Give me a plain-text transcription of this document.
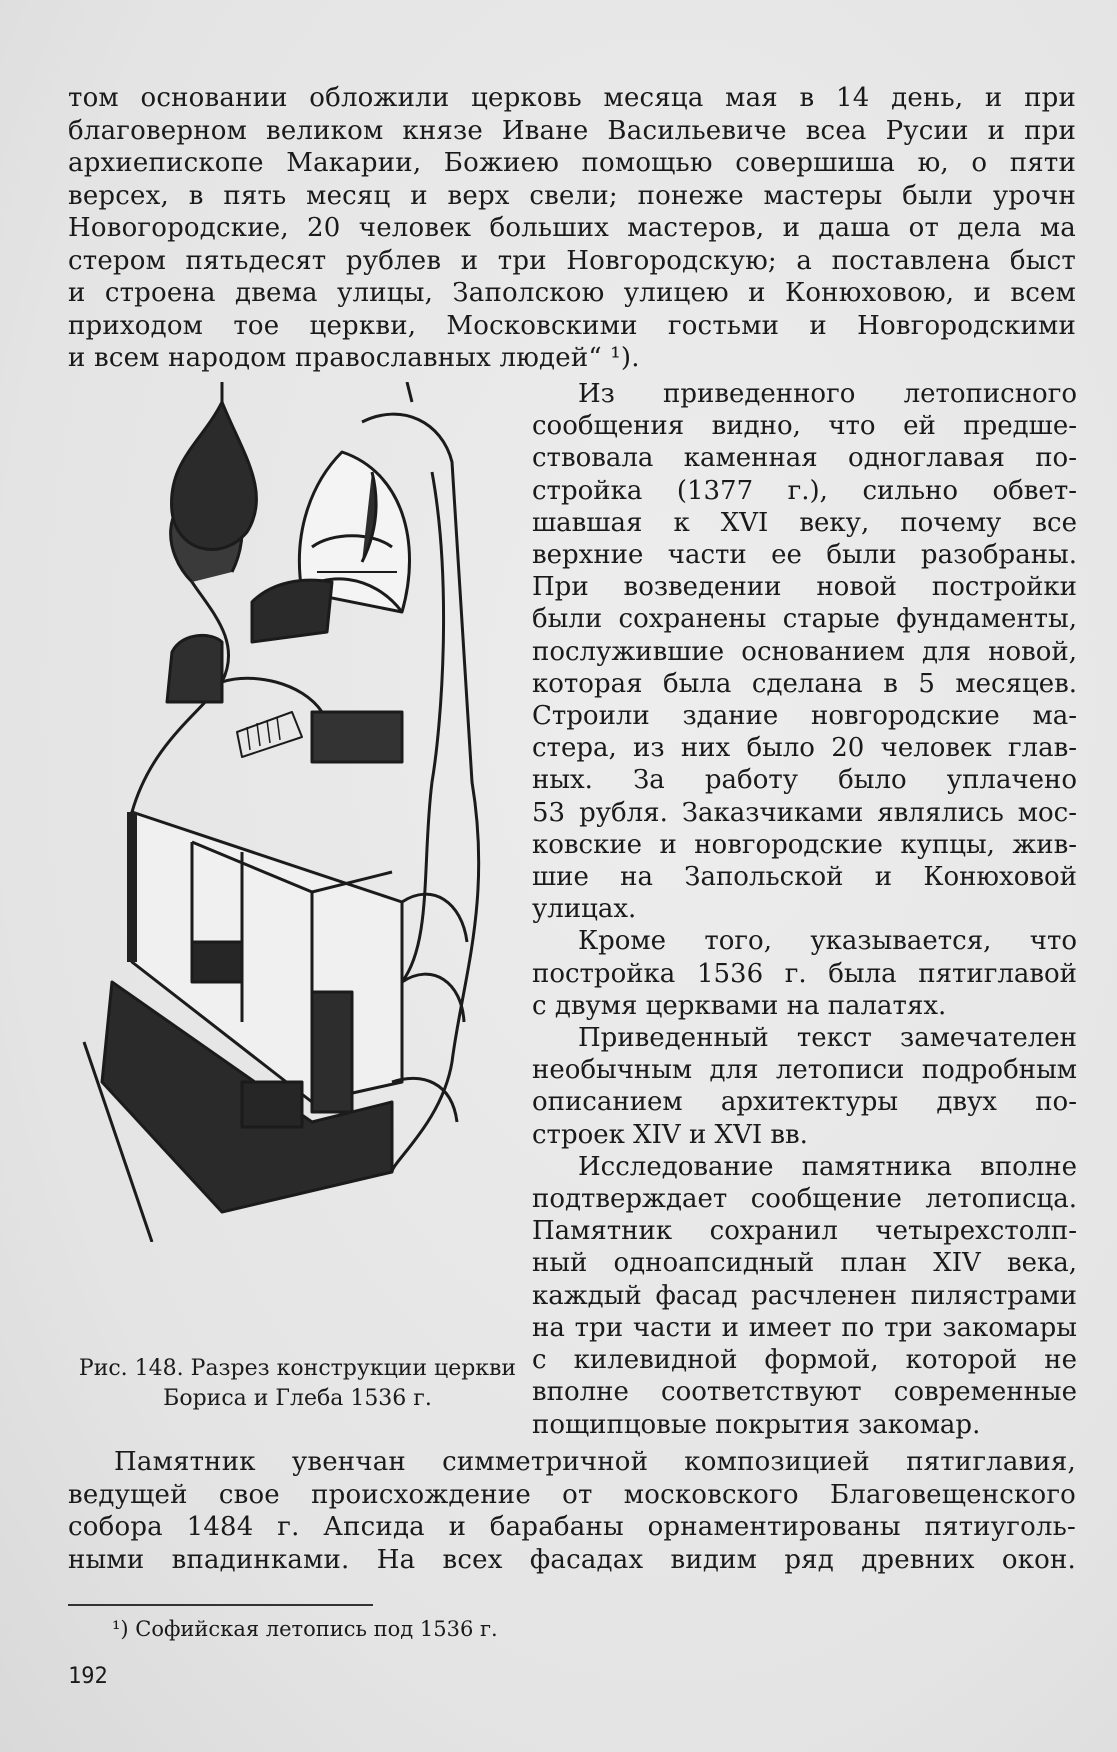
том основании обложили церковь месяца мая в 14 день, и при
благоверном великом князе Иване Васильевиче всеа Русии и при
архиепископе Макарии, Божиею помощью совершиша ю, о пяти
версех, в пять месяц и верх свели; понеже мастеры были урочн
Новогородские, 20 человек больших мастеров, и даша от дела ма
стером пятьдесят рублев и три Новгородскую; а поставлена быст
и строена двема улицы, Заполскою улицею и Конюховою, и всем
приходом тое церкви, Московскими гостьми и Новгородскими
и всем народом православных людей“ ¹).
Из приведенного летописного
сообщения видно, что ей предше-
ствовала каменная одноглавая по-
стройка (1377 г.), сильно обвет-
шавшая к XVI веку, почему все
верхние части ее были разобраны.
При возведении новой постройки
были сохранены старые фундаменты,
послужившие основанием для новой,
которая была сделана в 5 месяцев.
Строили здание новгородские ма-
стера, из них было 20 человек глав-
ных. За работу было уплачено
53 рубля. Заказчиками являлись мос-
ковские и новгородские купцы, жив-
шие на Запольской и Конюховой
улицах.
Кроме того, указывается, что
постройка 1536 г. была пятиглавой
с двумя церквами на палатях.
Приведенный текст замечателен
необычным для летописи подробным
описанием архитектуры двух по-
строек XIV и XVI вв.
Исследование памятника вполне
подтверждает сообщение летописца.
Памятник сохранил четырехстолп-
ный одноапсидный план XIV века,
каждый фасад расчленен пилястрами
на три части и имеет по три закомары
с килевидной формой, которой не
вполне соответствуют современные
пощипцовые покрытия закомар.
Рис. 148. Разрез конструкции церкви
Бориса и Глеба 1536 г.
Памятник увенчан симметричной композицией пятиглавия,
ведущей свое происхождение от московского Благовещенского
собора 1484 г. Апсида и барабаны орнаментированы пятиуголь-
ными впадинками. На всех фасадах видим ряд древних окон.
¹) Софийская летопись под 1536 г.
192
